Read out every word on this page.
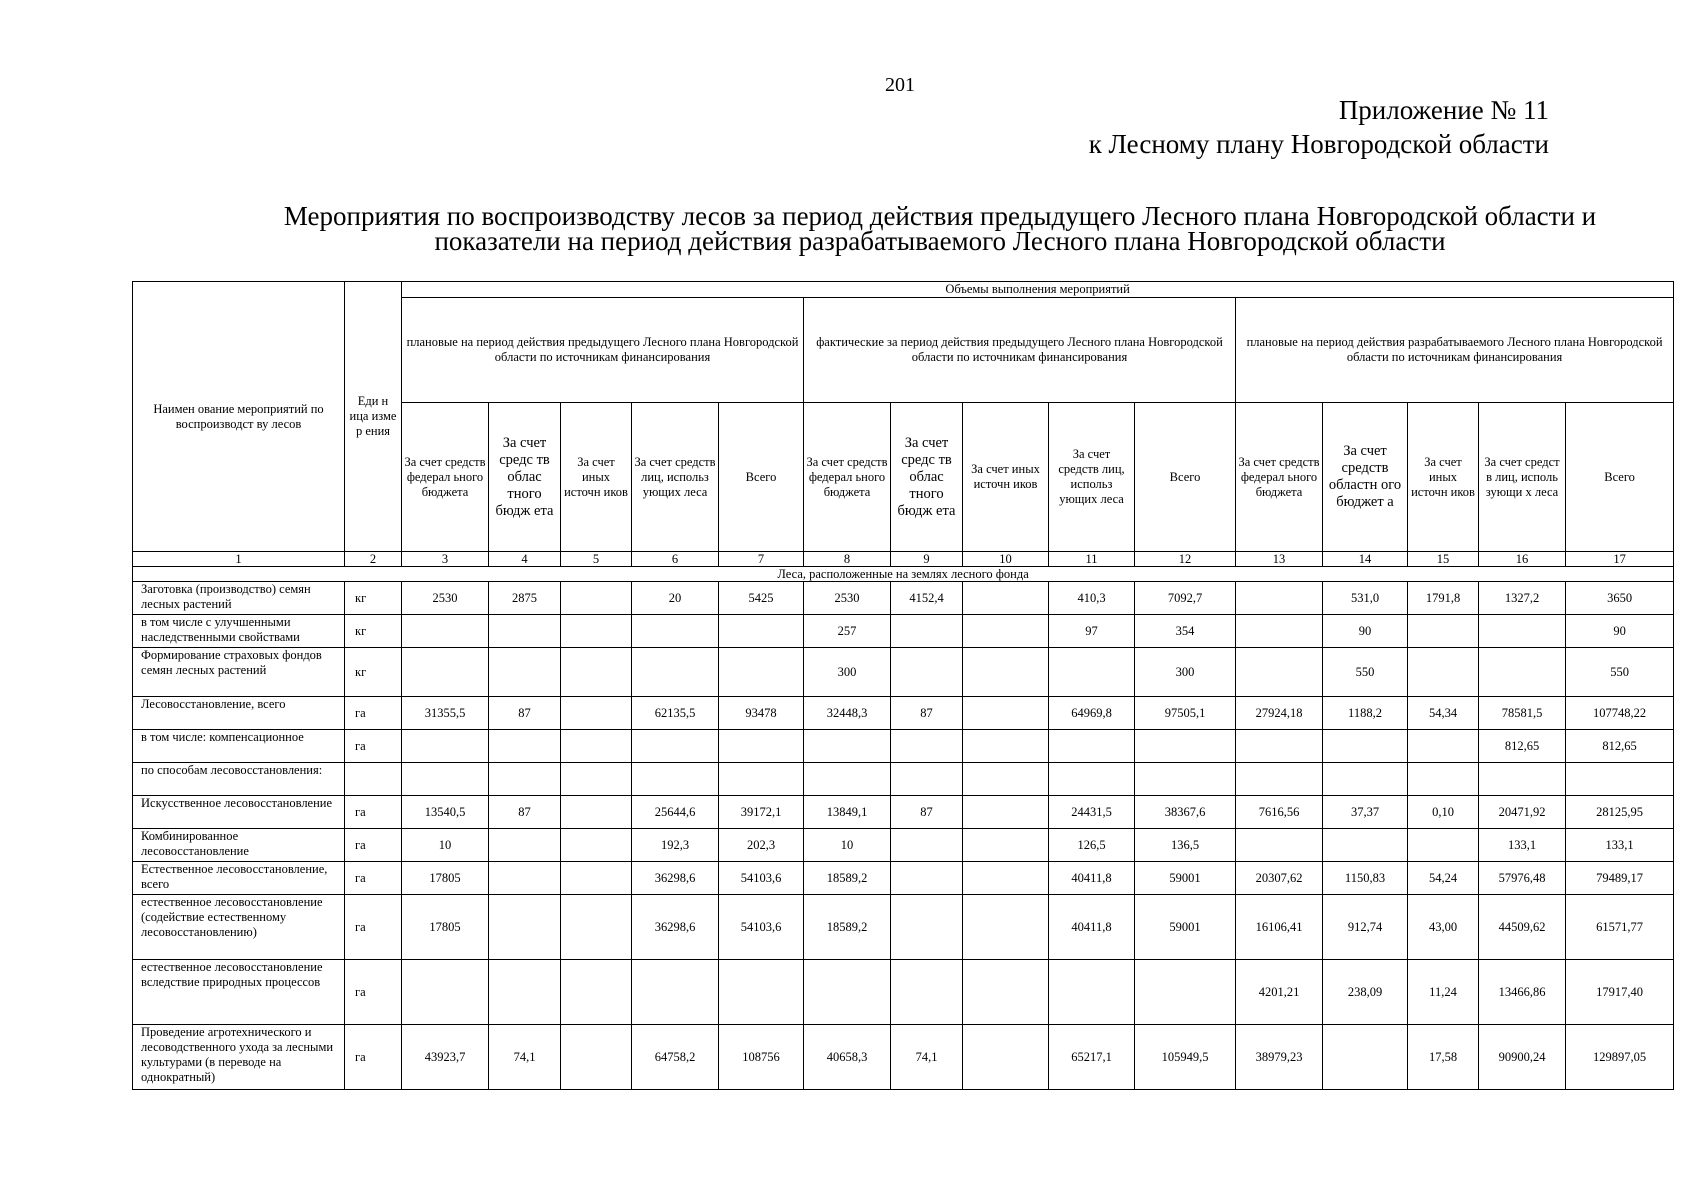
201
Приложение № 11
к Лесному плану Новгородской области
Мероприятия по воспроизводству лесов за период действия предыдущего Лесного плана Новгородской области и
показатели на период действия разрабатываемого Лесного плана Новгородской области
Наимен ование мероприятий по воспроизводст ву лесов	Еди н ица изме р ения	Объемы выполнения мероприятий														
		плановые на период действия предыдущего Лесного плана Новгородской области по источникам финансирования					фактические за период действия предыдущего Лесного плана Новгородской области по источникам финансирования					плановые на период действия разрабатываемого Лесного плана Новгородской области по источникам финансирования				
		За счет средств федерал ьного бюджета	За счет средс тв облас тного бюдж ета	За счет иных источн иков	За счет средств лиц, использ ующих леса	Всего	За счет средств федерал ьного бюджета	За счет средс тв облас тного бюдж ета	За счет иных источн иков	За счет средств лиц, использ ующих леса	Всего	За счет средств федерал ьного бюджета	За счет средств областн ого бюджет а	За счет иных источн иков	За счет средст в лиц, исполь зующи х леса	Всего
1	2	3	4	5	6	7	8	9	10	11	12	13	14	15	16	17
Леса, расположенные на землях лесного фонда																
Заготовка (производство) семян лесных растений	кг	2530	2875		20	5425	2530	4152,4		410,3	7092,7		531,0	1791,8	1327,2	3650
в том числе с улучшенными наследственными свойствами	кг						257			97	354		90			90
Формирование страховых фондов семян лесных растений	кг						300				300		550			550
Лесовосстановление, всего	га	31355,5	87		62135,5	93478	32448,3	87		64969,8	97505,1	27924,18	1188,2	54,34	78581,5	107748,22
в том числе: компенсационное	га														812,65	812,65
по способам лесовосстановления:																
Искусственное лесовосстановление	га	13540,5	87		25644,6	39172,1	13849,1	87		24431,5	38367,6	7616,56	37,37	0,10	20471,92	28125,95
Комбинированное лесовосстановление	га	10			192,3	202,3	10			126,5	136,5				133,1	133,1
Естественное лесовосстановление, всего	га	17805			36298,6	54103,6	18589,2			40411,8	59001	20307,62	1150,83	54,24	57976,48	79489,17
естественное лесовосстановление (содействие естественному лесовосстановлению)	га	17805			36298,6	54103,6	18589,2			40411,8	59001	16106,41	912,74	43,00	44509,62	61571,77
естественное лесовосстановление вследствие природных процессов	га											4201,21	238,09	11,24	13466,86	17917,40
Проведение агротехнического и лесоводственного ухода за лесными культурами (в переводе на однократный)	га	43923,7	74,1		64758,2	108756	40658,3	74,1		65217,1	105949,5	38979,23		17,58	90900,24	129897,05
